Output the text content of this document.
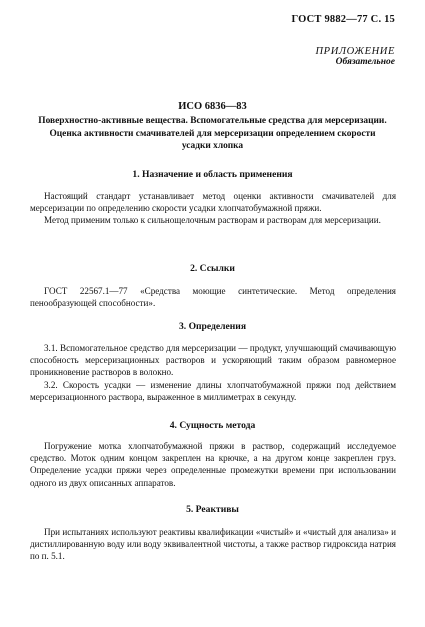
ГОСТ 9882—77 С. 15
ПРИЛОЖЕНИЕ
Обязательное
ИСО 6836—83
Поверхностно-активные вещества. Вспомогательные средства для мерсеризации.
Оценка активности смачивателей для мерсеризации определением скорости
усадки хлопка
1. Назначение и область применения

Настоящий стандарт устанавливает метод оценки активности смачивателей для мерсеризации по определению скорости усадки хлопчатобумажной пряжи.

Метод применим только к сильнощелочным растворам и растворам для мерсеризации.

2. Ссылки

ГОСТ 22567.1—77 «Средства моющие синтетические. Метод определения пенообразующей способности».

3. Определения

3.1. Вспомогательное средство для мерсеризации — продукт, улучшающий смачивающую способность мерсеризационных растворов и ускоряющий таким образом равномерное проникновение растворов в волокно.

3.2. Скорость усадки — изменение длины хлопчатобумажной пряжи под действием мерсеризационного раствора, выраженное в миллиметрах в секунду.

4. Сущность метода

Погружение мотка хлопчатобумажной пряжи в раствор, содержащий исследуемое средство. Моток одним концом закреплен на крючке, а на другом конце закреплен груз. Определение усадки пряжи через определенные промежутки времени при использовании одного из двух описанных аппаратов.

5. Реактивы

При испытаниях используют реактивы квалификации «чистый» и «чистый для анализа» и дистиллированную воду или воду эквивалентной чистоты, а также раствор гидроксида натрия по п. 5.1.
